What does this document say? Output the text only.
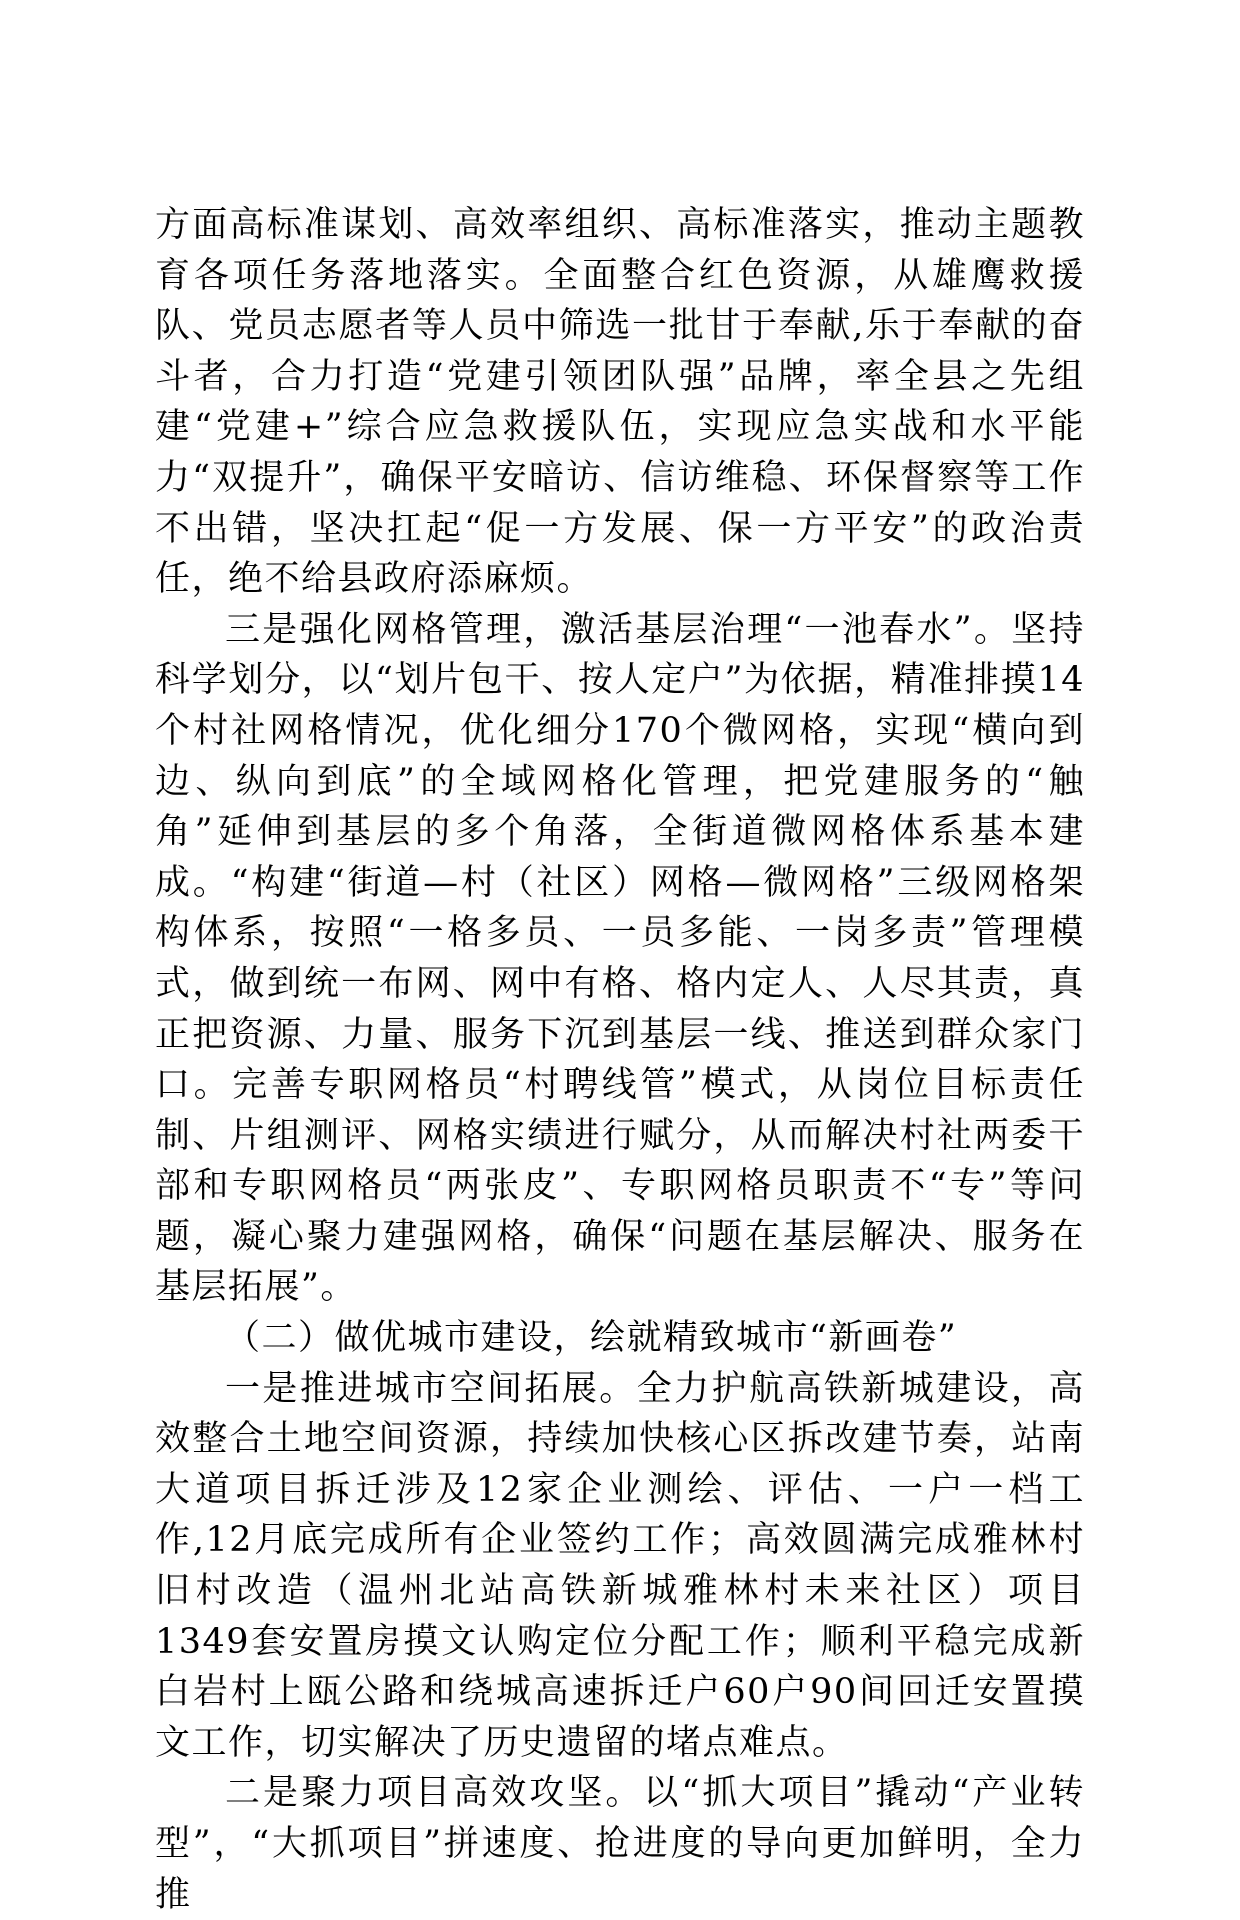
方面高标准谋划、高效率组织、高标准落实，推动主题教育各项任务落地落实。全面整合红色资源，从雄鹰救援队、党员志愿者等人员中筛选一批甘于奉献,乐于奉献的奋斗者，合力打造“党建引领团队强”品牌，率全县之先组建“党建+”综合应急救援队伍，实现应急实战和水平能力“双提升”，确保平安暗访、信访维稳、环保督察等工作不出错，坚决扛起“促一方发展、保一方平安”的政治责任，绝不给县政府添麻烦。

三是强化网格管理，激活基层治理“一池春水”。坚持科学划分，以“划片包干、按人定户”为依据，精准排摸14个村社网格情况，优化细分170个微网格，实现“横向到边、纵向到底”的全域网格化管理，把党建服务的“触角”延伸到基层的多个角落，全街道微网格体系基本建成。“构建“街道—村（社区）网格—微网格”三级网格架构体系，按照“一格多员、一员多能、一岗多责”管理模式，做到统一布网、网中有格、格内定人、人尽其责，真正把资源、力量、服务下沉到基层一线、推送到群众家门口。完善专职网格员“村聘线管”模式，从岗位目标责任制、片组测评、网格实绩进行赋分，从而解决村社两委干部和专职网格员“两张皮”、专职网格员职责不“专”等问题，凝心聚力建强网格，确保“问题在基层解决、服务在基层拓展”。

（二）做优城市建设，绘就精致城市“新画卷”

一是推进城市空间拓展。全力护航高铁新城建设，高效整合土地空间资源，持续加快核心区拆改建节奏，站南大道项目拆迁涉及12家企业测绘、评估、一户一档工作,12月底完成所有企业签约工作；高效圆满完成雅林村旧村改造（温州北站高铁新城雅林村未来社区）项目1349套安置房摸文认购定位分配工作；顺利平稳完成新白岩村上瓯公路和绕城高速拆迁户60户90间回迁安置摸文工作，切实解决了历史遗留的堵点难点。

二是聚力项目高效攻坚。以“抓大项目”撬动“产业转型”，“大抓项目”拼速度、抢进度的导向更加鲜明，全力推
